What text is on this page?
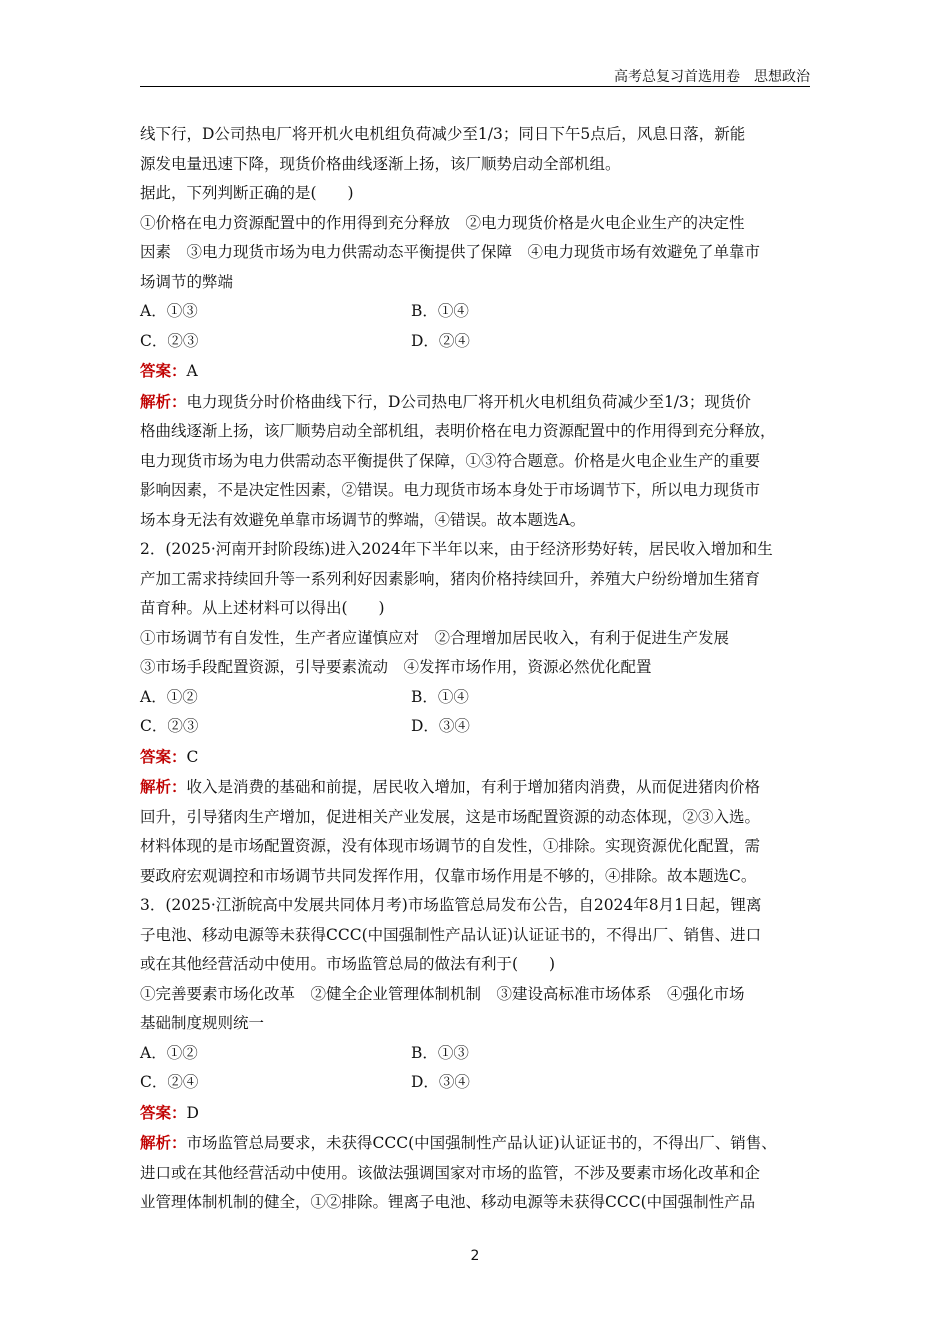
高考总复习首选用卷　思想政治

线下行，D公司热电厂将开机火电机组负荷减少至1/3；同日下午5点后，风息日落，新能

源发电量迅速下降，现货价格曲线逐渐上扬，该厂顺势启动全部机组。

据此，下列判断正确的是(　　)

①价格在电力资源配置中的作用得到充分释放　②电力现货价格是火电企业生产的决定性

因素　③电力现货市场为电力供需动态平衡提供了保障　④电力现货市场有效避免了单靠市

场调节的弊端

A．①③	B．①④
C．②③	D．②④

答案：A

解析：电力现货分时价格曲线下行，D公司热电厂将开机火电机组负荷减少至1/3；现货价

格曲线逐渐上扬，该厂顺势启动全部机组，表明价格在电力资源配置中的作用得到充分释放，

电力现货市场为电力供需动态平衡提供了保障，①③符合题意。价格是火电企业生产的重要

影响因素，不是决定性因素，②错误。电力现货市场本身处于市场调节下，所以电力现货市

场本身无法有效避免单靠市场调节的弊端，④错误。故本题选A。

2．(2025·河南开封阶段练)进入2024年下半年以来，由于经济形势好转，居民收入增加和生

产加工需求持续回升等一系列利好因素影响，猪肉价格持续回升，养殖大户纷纷增加生猪育

苗育种。从上述材料可以得出(　　)

①市场调节有自发性，生产者应谨慎应对　②合理增加居民收入，有利于促进生产发展

③市场手段配置资源，引导要素流动　④发挥市场作用，资源必然优化配置

A．①②	B．①④
C．②③	D．③④

答案：C

解析：收入是消费的基础和前提，居民收入增加，有利于增加猪肉消费，从而促进猪肉价格

回升，引导猪肉生产增加，促进相关产业发展，这是市场配置资源的动态体现，②③入选。

材料体现的是市场配置资源，没有体现市场调节的自发性，①排除。实现资源优化配置，需

要政府宏观调控和市场调节共同发挥作用，仅靠市场作用是不够的，④排除。故本题选C。

3．(2025·江浙皖高中发展共同体月考)市场监管总局发布公告，自2024年8月1日起，锂离

子电池、移动电源等未获得CCC(中国强制性产品认证)认证证书的，不得出厂、销售、进口

或在其他经营活动中使用。市场监管总局的做法有利于(　　)

①完善要素市场化改革　②健全企业管理体制机制　③建设高标准市场体系　④强化市场

基础制度规则统一

A．①②	B．①③
C．②④	D．③④

答案：D

解析：市场监管总局要求，未获得CCC(中国强制性产品认证)认证证书的，不得出厂、销售、

进口或在其他经营活动中使用。该做法强调国家对市场的监管，不涉及要素市场化改革和企

业管理体制机制的健全，①②排除。锂离子电池、移动电源等未获得CCC(中国强制性产品

2
